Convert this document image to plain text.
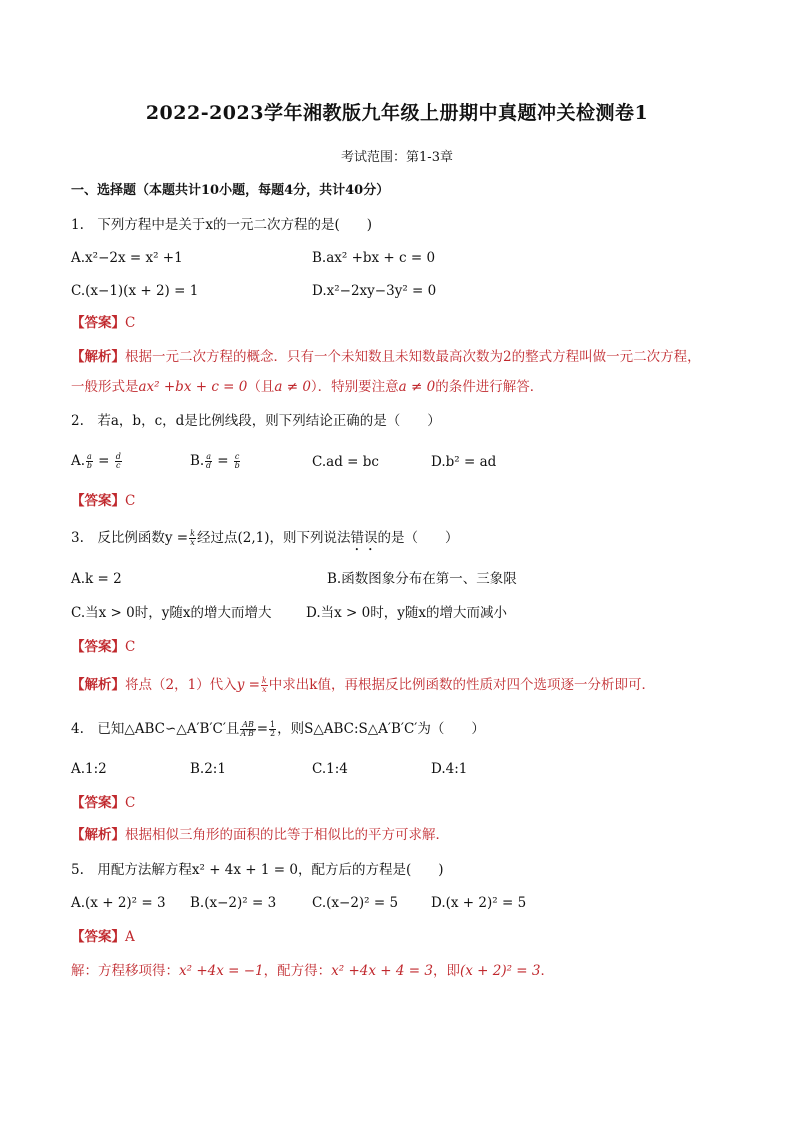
2022-2023学年湘教版九年级上册期中真题冲关检测卷1
考试范围：第1-3章
一、选择题（本题共计10小题，每题4分，共计40分）
1.　下列方程中是关于x的一元二次方程的是(　　)
A.x²−2x = x² +1	B.ax² +bx + c = 0
C.(x−1)(x + 2) = 1	D.x²−2xy−3y² = 0
【答案】C
【解析】根据一元二次方程的概念．只有一个未知数且未知数最高次数为2的整式方程叫做一元二次方程，
一般形式是ax² +bx + c = 0（且a ≠ 0）．特别要注意a ≠ 0的条件进行解答．
2.　若a，b，c，d是比例线段，则下列结论正确的是（　　）
A. $\frac{a}{b} = \frac{d}{c}$	B. $\frac{a}{d} = \frac{c}{b}$	C.ad = bc	D.b² = ad
【答案】C
3.　反比例函数$y = \frac{k}{x}$ 经过点(2,1)，则下列说法错误的是（　　）
A.k = 2	B.函数图象分布在第一、三象限
C.当x > 0时，y随x的增大而增大	D.当x > 0时，y随x的增大而减小
【答案】C
【解析】将点（2，1）代入$y = \frac{k}{x}$ 中求出k值，再根据反比例函数的性质对四个选项逐一分析即可．
4.　已知△ABC∽△A′B′C′且 $\frac{AB}{A'B'} = \frac{1}{2}$ ，则S△ABC:S△A′B′C′为（　　）
A.1:2	B.2:1	C.1:4	D.4:1
【答案】C
【解析】根据相似三角形的面积的比等于相似比的平方可求解．
5.　用配方法解方程x² + 4x + 1 = 0，配方后的方程是(　　)
A.(x + 2)² = 3 B.(x−2)² = 3	C.(x−2)² = 5 D.(x + 2)² = 5
【答案】A
解：方程移项得：x² +4x = −1，配方得：x² +4x + 4 = 3，即(x + 2)² = 3．
